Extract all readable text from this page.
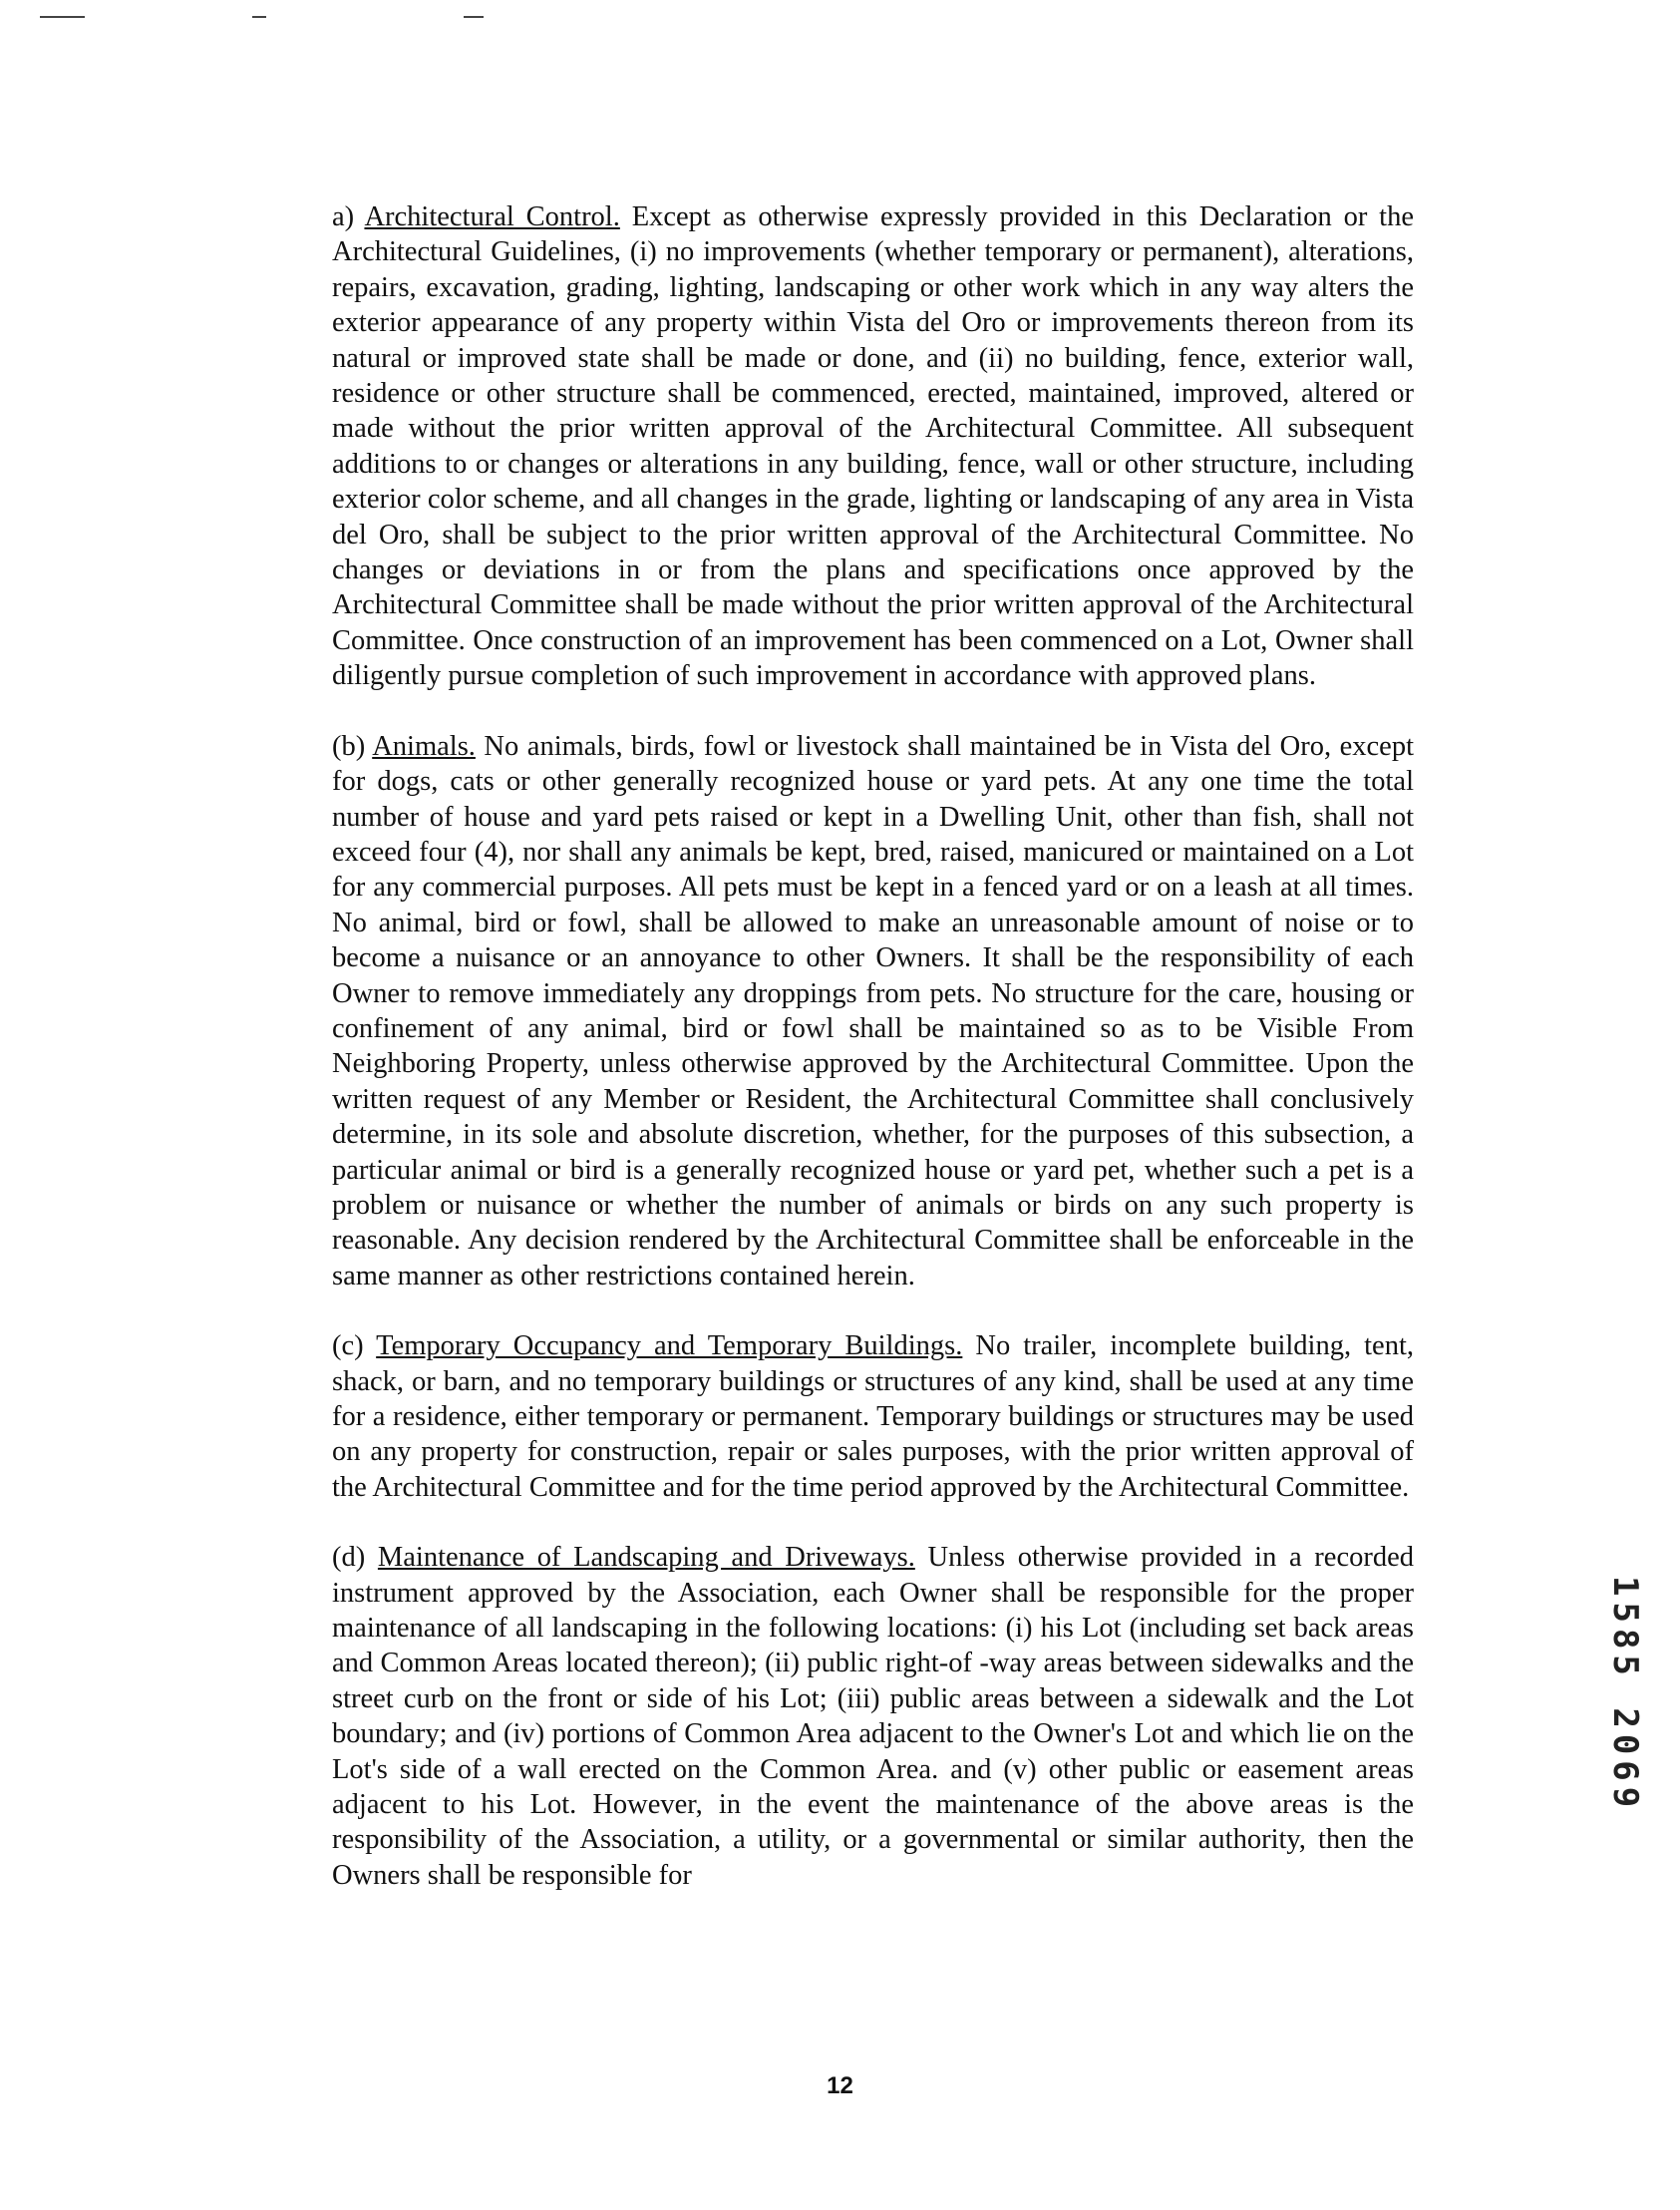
a) Architectural Control. Except as otherwise expressly provided in this Declaration or the Architectural Guidelines, (i) no improvements (whether temporary or permanent), alterations, repairs, excavation, grading, lighting, landscaping or other work which in any way alters the exterior appearance of any property within Vista del Oro or improvements thereon from its natural or improved state shall be made or done, and (ii) no building, fence, exterior wall, residence or other structure shall be commenced, erected, maintained, improved, altered or made without the prior written approval of the Architectural Committee. All subsequent additions to or changes or alterations in any building, fence, wall or other structure, including exterior color scheme, and all changes in the grade, lighting or landscaping of any area in Vista del Oro, shall be subject to the prior written approval of the Architectural Committee. No changes or deviations in or from the plans and specifications once approved by the Architectural Committee shall be made without the prior written approval of the Architectural Committee. Once construction of an improvement has been commenced on a Lot, Owner shall diligently pursue completion of such improvement in accordance with approved plans.

(b) Animals. No animals, birds, fowl or livestock shall maintained be in Vista del Oro, except for dogs, cats or other generally recognized house or yard pets. At any one time the total number of house and yard pets raised or kept in a Dwelling Unit, other than fish, shall not exceed four (4), nor shall any animals be kept, bred, raised, manicured or maintained on a Lot for any commercial purposes. All pets must be kept in a fenced yard or on a leash at all times. No animal, bird or fowl, shall be allowed to make an unreasonable amount of noise or to become a nuisance or an annoyance to other Owners. It shall be the responsibility of each Owner to remove immediately any droppings from pets. No structure for the care, housing or confinement of any animal, bird or fowl shall be maintained so as to be Visible From Neighboring Property, unless otherwise approved by the Architectural Committee. Upon the written request of any Member or Resident, the Architectural Committee shall conclusively determine, in its sole and absolute discretion, whether, for the purposes of this subsection, a particular animal or bird is a generally recognized house or yard pet, whether such a pet is a problem or nuisance or whether the number of animals or birds on any such property is reasonable. Any decision rendered by the Architectural Committee shall be enforceable in the same manner as other restrictions contained herein.

(c) Temporary Occupancy and Temporary Buildings. No trailer, incomplete building, tent, shack, or barn, and no temporary buildings or structures of any kind, shall be used at any time for a residence, either temporary or permanent. Temporary buildings or structures may be used on any property for construction, repair or sales purposes, with the prior written approval of the Architectural Committee and for the time period approved by the Architectural Committee.

(d) Maintenance of Landscaping and Driveways. Unless otherwise provided in a recorded instrument approved by the Association, each Owner shall be responsible for the proper maintenance of all landscaping in the following locations: (i) his Lot (including set back areas and Common Areas located thereon); (ii) public right-of -way areas between sidewalks and the street curb on the front or side of his Lot; (iii) public areas between a sidewalk and the Lot boundary; and (iv) portions of Common Area adjacent to the Owner's Lot and which lie on the Lot's side of a wall erected on the Common Area. and (v) other public or easement areas adjacent to his Lot. However, in the event the maintenance of the above areas is the responsibility of the Association, a utility, or a governmental or similar authority, then the Owners shall be responsible for

1585 2069
12
